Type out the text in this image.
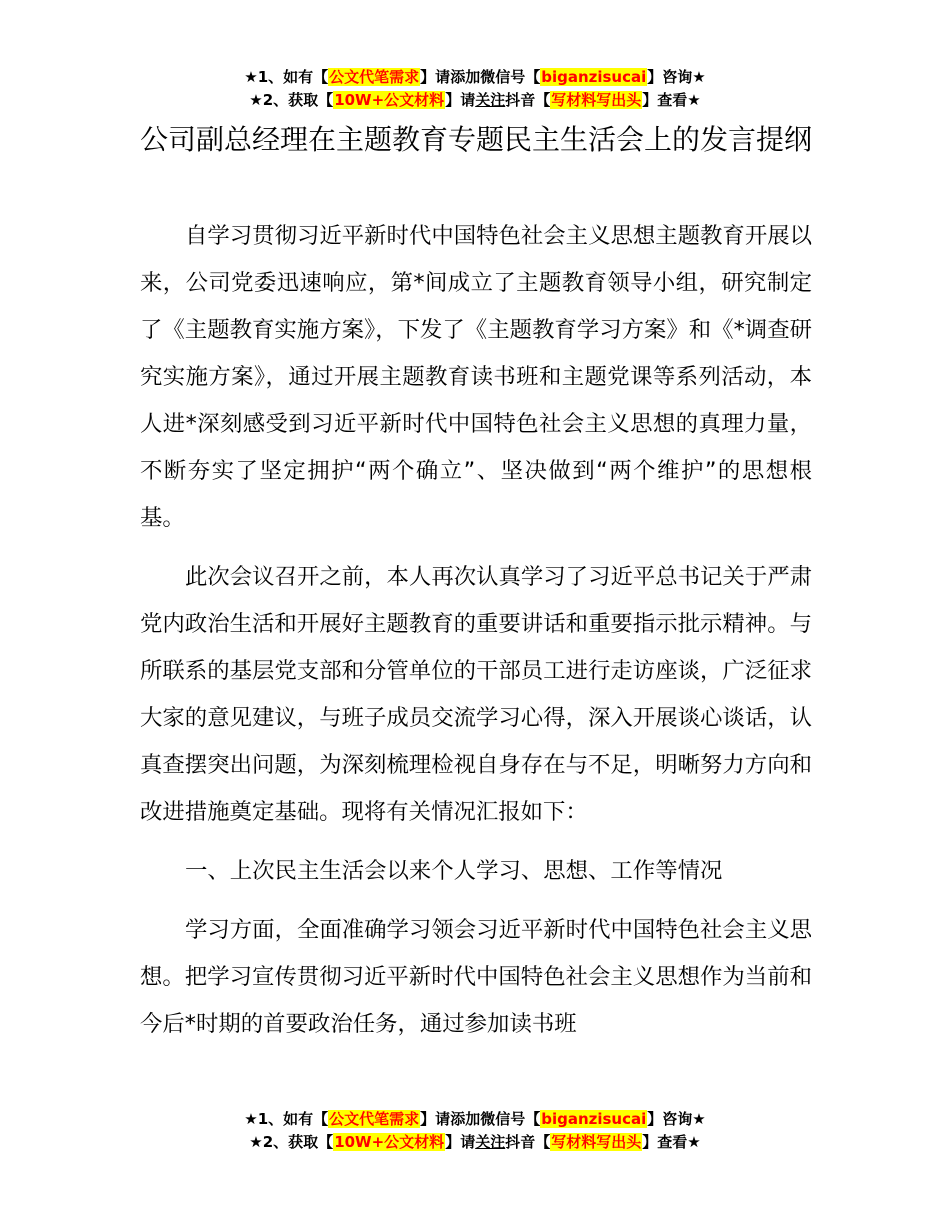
★1、如有【公文代笔需求】请添加微信号【biganzisucai】咨询★
★2、获取【10W+公文材料】请关注抖音【写材料写出头】查看★
公司副总经理在主题教育专题民主生活会上的发言提纲

自学习贯彻习近平新时代中国特色社会主义思想主题教育开展以来，公司党委迅速响应，第*间成立了主题教育领导小组，研究制定了《主题教育实施方案》，下发了《主题教育学习方案》和《*调查研究实施方案》，通过开展主题教育读书班和主题党课等系列活动，本人进*深刻感受到习近平新时代中国特色社会主义思想的真理力量，不断夯实了坚定拥护“两个确立”、坚决做到“两个维护”的思想根基。

此次会议召开之前，本人再次认真学习了习近平总书记关于严肃党内政治生活和开展好主题教育的重要讲话和重要指示批示精神。与所联系的基层党支部和分管单位的干部员工进行走访座谈，广泛征求大家的意见建议，与班子成员交流学习心得，深入开展谈心谈话，认真查摆突出问题，为深刻梳理检视自身存在与不足，明晰努力方向和改进措施奠定基础。现将有关情况汇报如下：

一、上次民主生活会以来个人学习、思想、工作等情况

学习方面，全面准确学习领会习近平新时代中国特色社会主义思想。把学习宣传贯彻习近平新时代中国特色社会主义思想作为当前和今后*时期的首要政治任务，通过参加读书班

★1、如有【公文代笔需求】请添加微信号【biganzisucai】咨询★
★2、获取【10W+公文材料】请关注抖音【写材料写出头】查看★
